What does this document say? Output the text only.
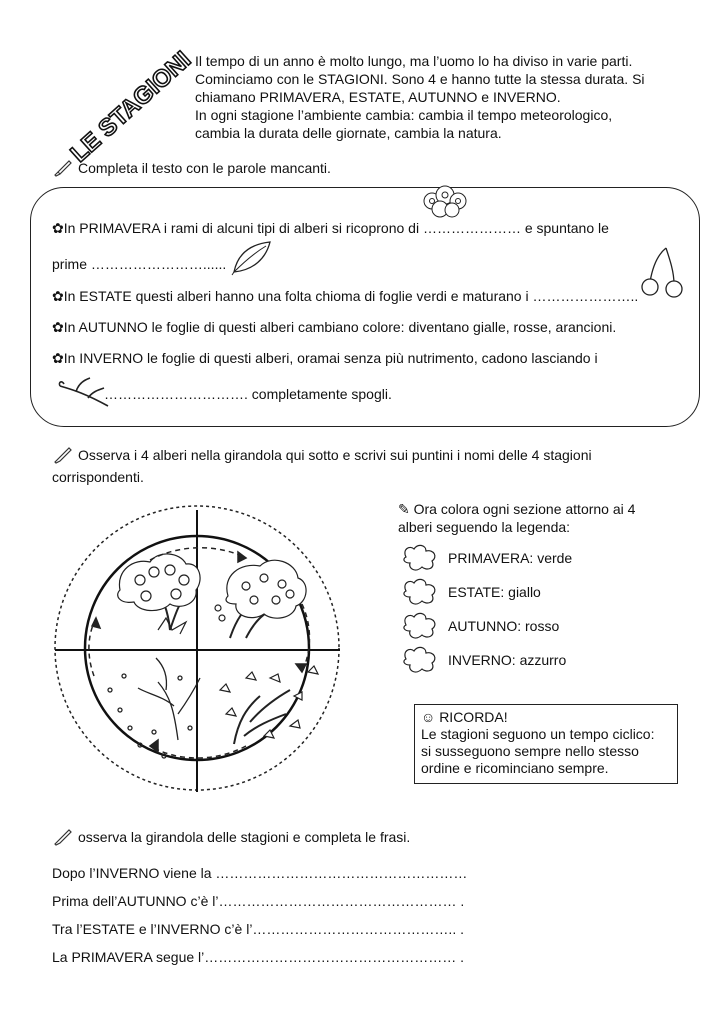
LE STAGIONI
Il tempo di un anno è molto lungo, ma l’uomo lo ha diviso in varie parti.
Cominciamo con le STAGIONI. Sono 4 e hanno tutte la stessa durata. Si
chiamano PRIMAVERA, ESTATE, AUTUNNO e INVERNO.
In ogni stagione l’ambiente cambia: cambia il tempo meteorologico,
cambia la durata delle giornate, cambia la natura.
Completa il testo con le parole mancanti.
✿In PRIMAVERA i rami di alcuni tipi di alberi si ricoprono di ………………… e spuntano le
prime ……………………......
✿In ESTATE questi alberi hanno una folta chioma di foglie verdi e maturano i …………………..
✿In AUTUNNO le foglie di questi alberi cambiano colore: diventano gialle, rosse, arancioni.
✿In INVERNO le foglie di questi alberi, oramai senza più nutrimento, cadono lasciando i
…………………………. completamente spogli.
Osserva i 4 alberi nella girandola qui sotto e scrivi sui puntini i nomi delle 4 stagioni
corrispondenti.
✎ Ora colora ogni sezione attorno ai 4
alberi seguendo la legenda:
PRIMAVERA: verde
ESTATE: giallo
AUTUNNO: rosso
INVERNO: azzurro
☺ RICORDA!
Le stagioni seguono un tempo ciclico:
si susseguono sempre nello stesso
ordine e ricominciano sempre.
osserva la girandola delle stagioni e completa le frasi.
Dopo l’INVERNO viene la ………………………………………………
Prima dell’AUTUNNO c’è l’…………………………………………… .
Tra l’ESTATE e l’INVERNO c’è l’…………………………………….. .
La PRIMAVERA segue l’……………………………………………… .
